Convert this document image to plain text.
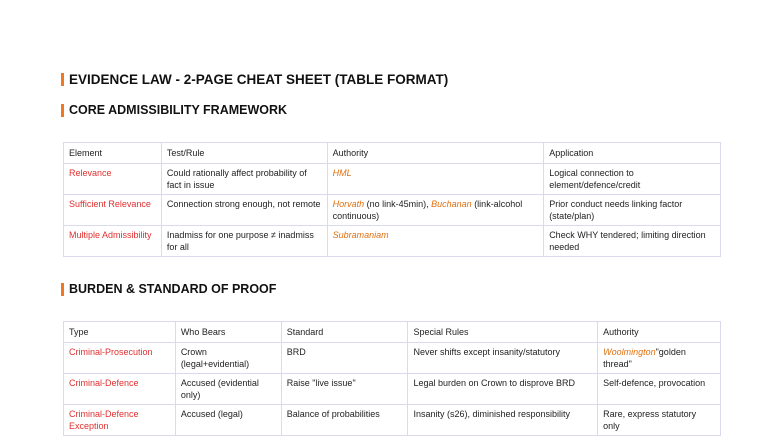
EVIDENCE LAW - 2-PAGE CHEAT SHEET (TABLE FORMAT)
CORE ADMISSIBILITY FRAMEWORK
Element	Test/Rule	Authority	Application
Relevance	Could rationally affect probability of fact in issue	HML	Logical connection to element/defence/credit
Sufficient Relevance	Connection strong enough, not remote	Horvath (no link-45min), Buchanan (link-alcohol continuous)	Prior conduct needs linking factor (state/plan)
Multiple Admissibility	Inadmiss for one purpose ≠ inadmiss for all	Subramaniam	Check WHY tendered; limiting direction needed
BURDEN & STANDARD OF PROOF
Type	Who Bears	Standard	Special Rules	Authority
Criminal-Prosecution	Crown (legal+evidential)	BRD	Never shifts except insanity/statutory	Woolmington"golden thread"
Criminal-Defence	Accused (evidential only)	Raise "live issue"	Legal burden on Crown to disprove BRD	Self-defence, provocation
Criminal-Defence Exception	Accused (legal)	Balance of probabilities	Insanity (s26), diminished responsibility	Rare, express statutory only
